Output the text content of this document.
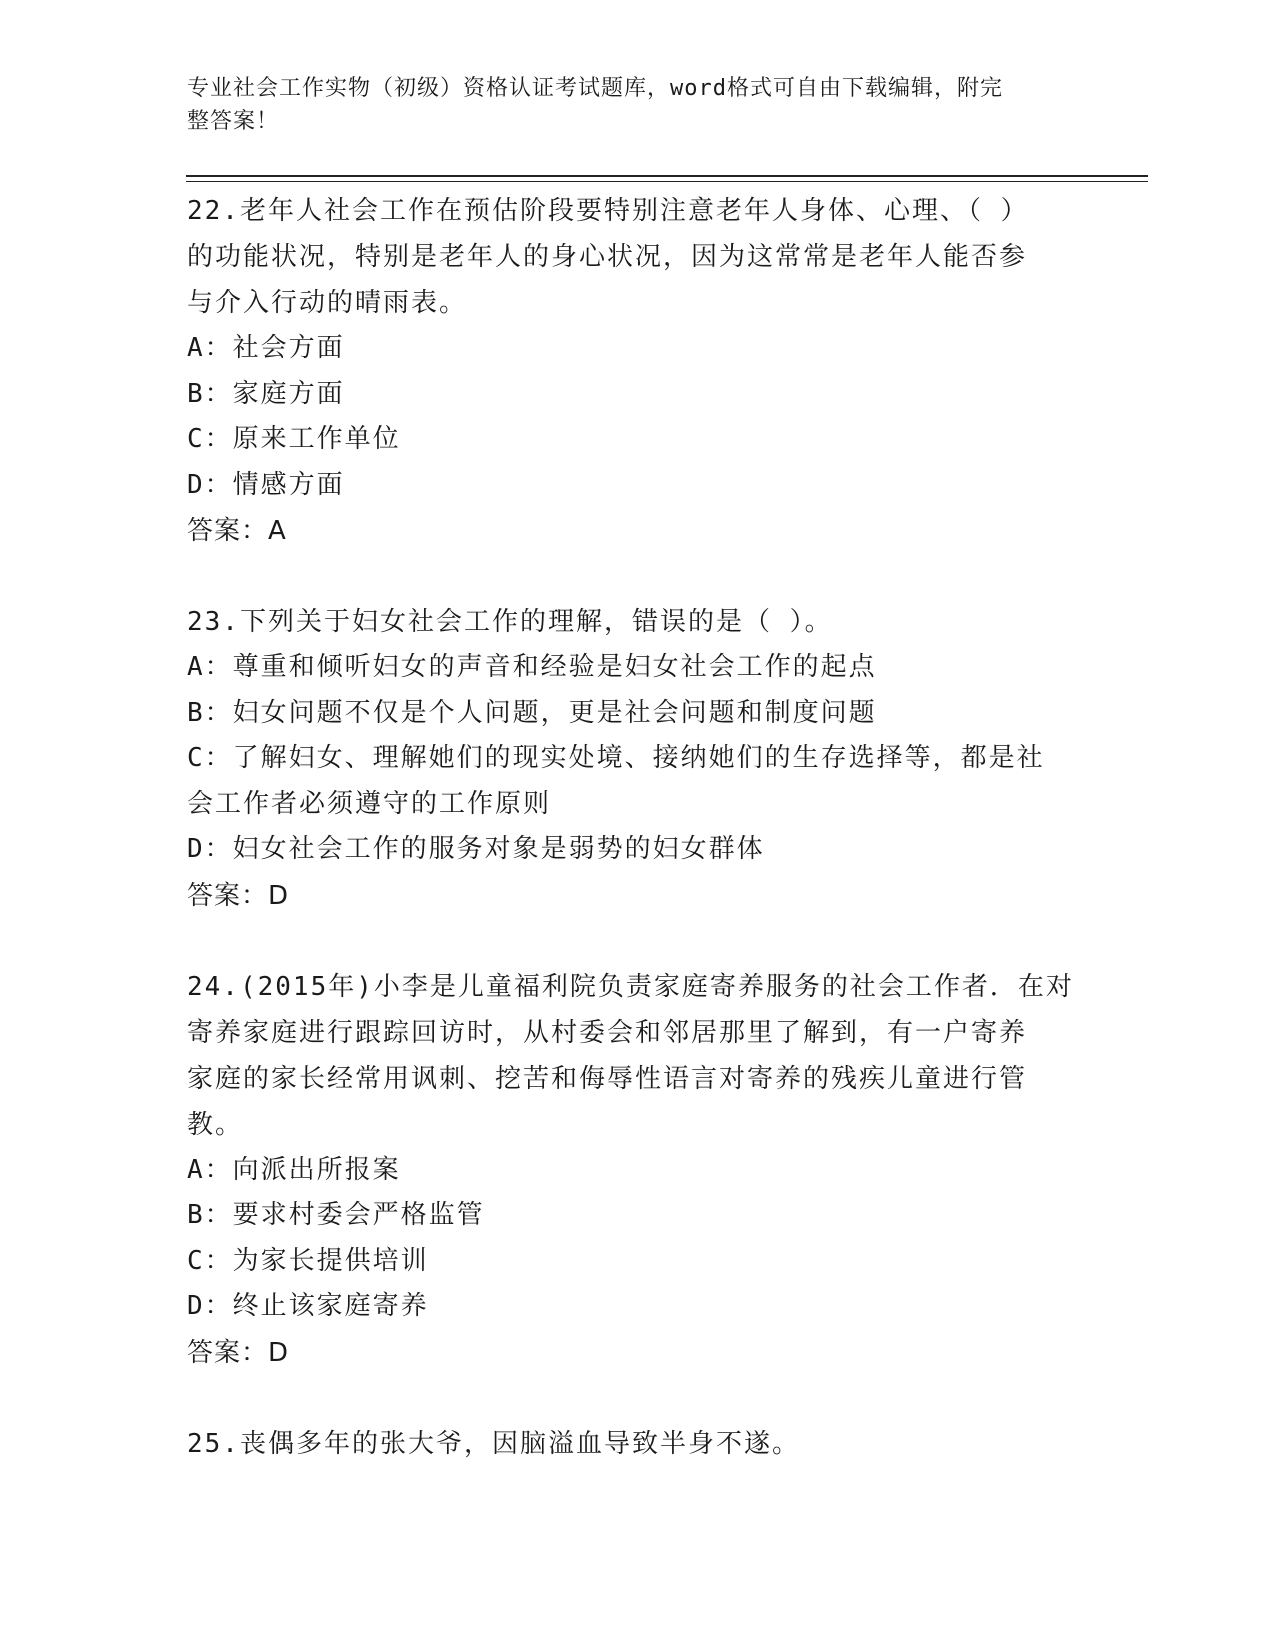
专业社会工作实物（初级）资格认证考试题库，word格式可自由下载编辑，附完
整答案！

22.老年人社会工作在预估阶段要特别注意老年人身体、心理、（ ）

的功能状况，特别是老年人的身心状况，因为这常常是老年人能否参

与介入行动的晴雨表。

A：社会方面

B：家庭方面

C：原来工作单位

D：情感方面

答案：A

23.下列关于妇女社会工作的理解，错误的是（ ）。

A：尊重和倾听妇女的声音和经验是妇女社会工作的起点

B：妇女问题不仅是个人问题，更是社会问题和制度问题

C：了解妇女、理解她们的现实处境、接纳她们的生存选择等，都是社

会工作者必须遵守的工作原则

D：妇女社会工作的服务对象是弱势的妇女群体

答案：D

24.(2015年)小李是儿童福利院负责家庭寄养服务的社会工作者．在对

寄养家庭进行跟踪回访时，从村委会和邻居那里了解到，有一户寄养

家庭的家长经常用讽刺、挖苦和侮辱性语言对寄养的残疾儿童进行管

教。

A：向派出所报案

B：要求村委会严格监管

C：为家长提供培训

D：终止该家庭寄养

答案：D

25.丧偶多年的张大爷，因脑溢血导致半身不遂。
